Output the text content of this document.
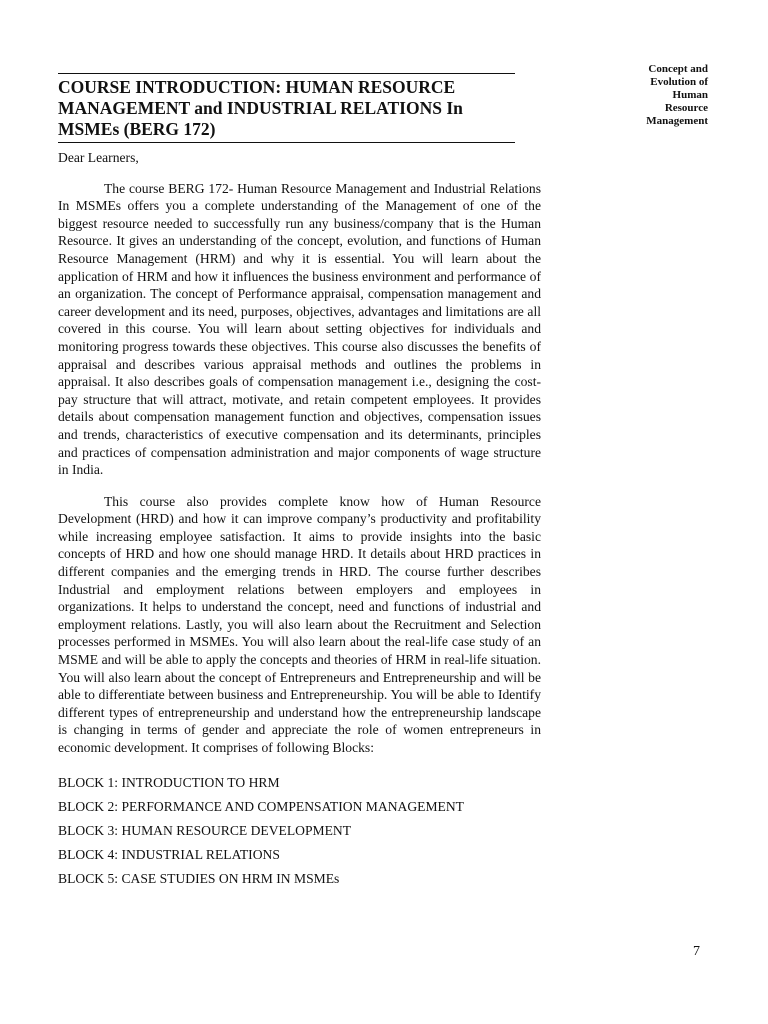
Concept and
Evolution of
Human
Resource
Management
COURSE INTRODUCTION: HUMAN RESOURCE MANAGEMENT and INDUSTRIAL RELATIONS In MSMEs (BERG 172)

Dear Learners,

The course BERG 172- Human Resource Management and Industrial Relations In MSMEs offers you a complete understanding of the Management of one of the biggest resource needed to successfully run any business/company that is the Human Resource. It gives an understanding of the concept, evolution, and functions of Human Resource Management (HRM) and why it is essential. You will learn about the application of HRM and how it influences the business environment and performance of an organization. The concept of Performance appraisal, compensation management and career development and its need, purposes, objectives, advantages and limitations are all covered in this course. You will learn about setting objectives for individuals and monitoring progress towards these objectives. This course also discusses the benefits of appraisal and describes various appraisal methods and outlines the problems in appraisal. It also describes goals of compensation management i.e., designing the cost-pay structure that will attract, motivate, and retain competent employees. It provides details about compensation management function and objectives, compensation issues and trends, characteristics of executive compensation and its determinants, principles and practices of compensation administration and major components of wage structure in India.

This course also provides complete know how of Human Resource Development (HRD) and how it can improve company’s productivity and profitability while increasing employee satisfaction. It aims to provide insights into the basic concepts of HRD and how one should manage HRD. It details about HRD practices in different companies and the emerging trends in HRD. The course further describes Industrial and employment relations between employers and employees in organizations. It helps to understand the concept, need and functions of industrial and employment relations. Lastly, you will also learn about the Recruitment and Selection processes performed in MSMEs. You will also learn about the real-life case study of an MSME and will be able to apply the concepts and theories of HRM in real-life situation. You will also learn about the concept of Entrepreneurs and Entrepreneurship and will be able to differentiate between business and Entrepreneurship. You will be able to Identify different types of entrepreneurship and understand how the entrepreneurship landscape is changing in terms of gender and appreciate the role of women entrepreneurs in economic development. It comprises of following Blocks:

BLOCK 1: INTRODUCTION TO HRM
BLOCK 2: PERFORMANCE AND COMPENSATION MANAGEMENT
BLOCK 3: HUMAN RESOURCE DEVELOPMENT
BLOCK 4: INDUSTRIAL RELATIONS
BLOCK 5: CASE STUDIES ON HRM IN MSMEs
7
